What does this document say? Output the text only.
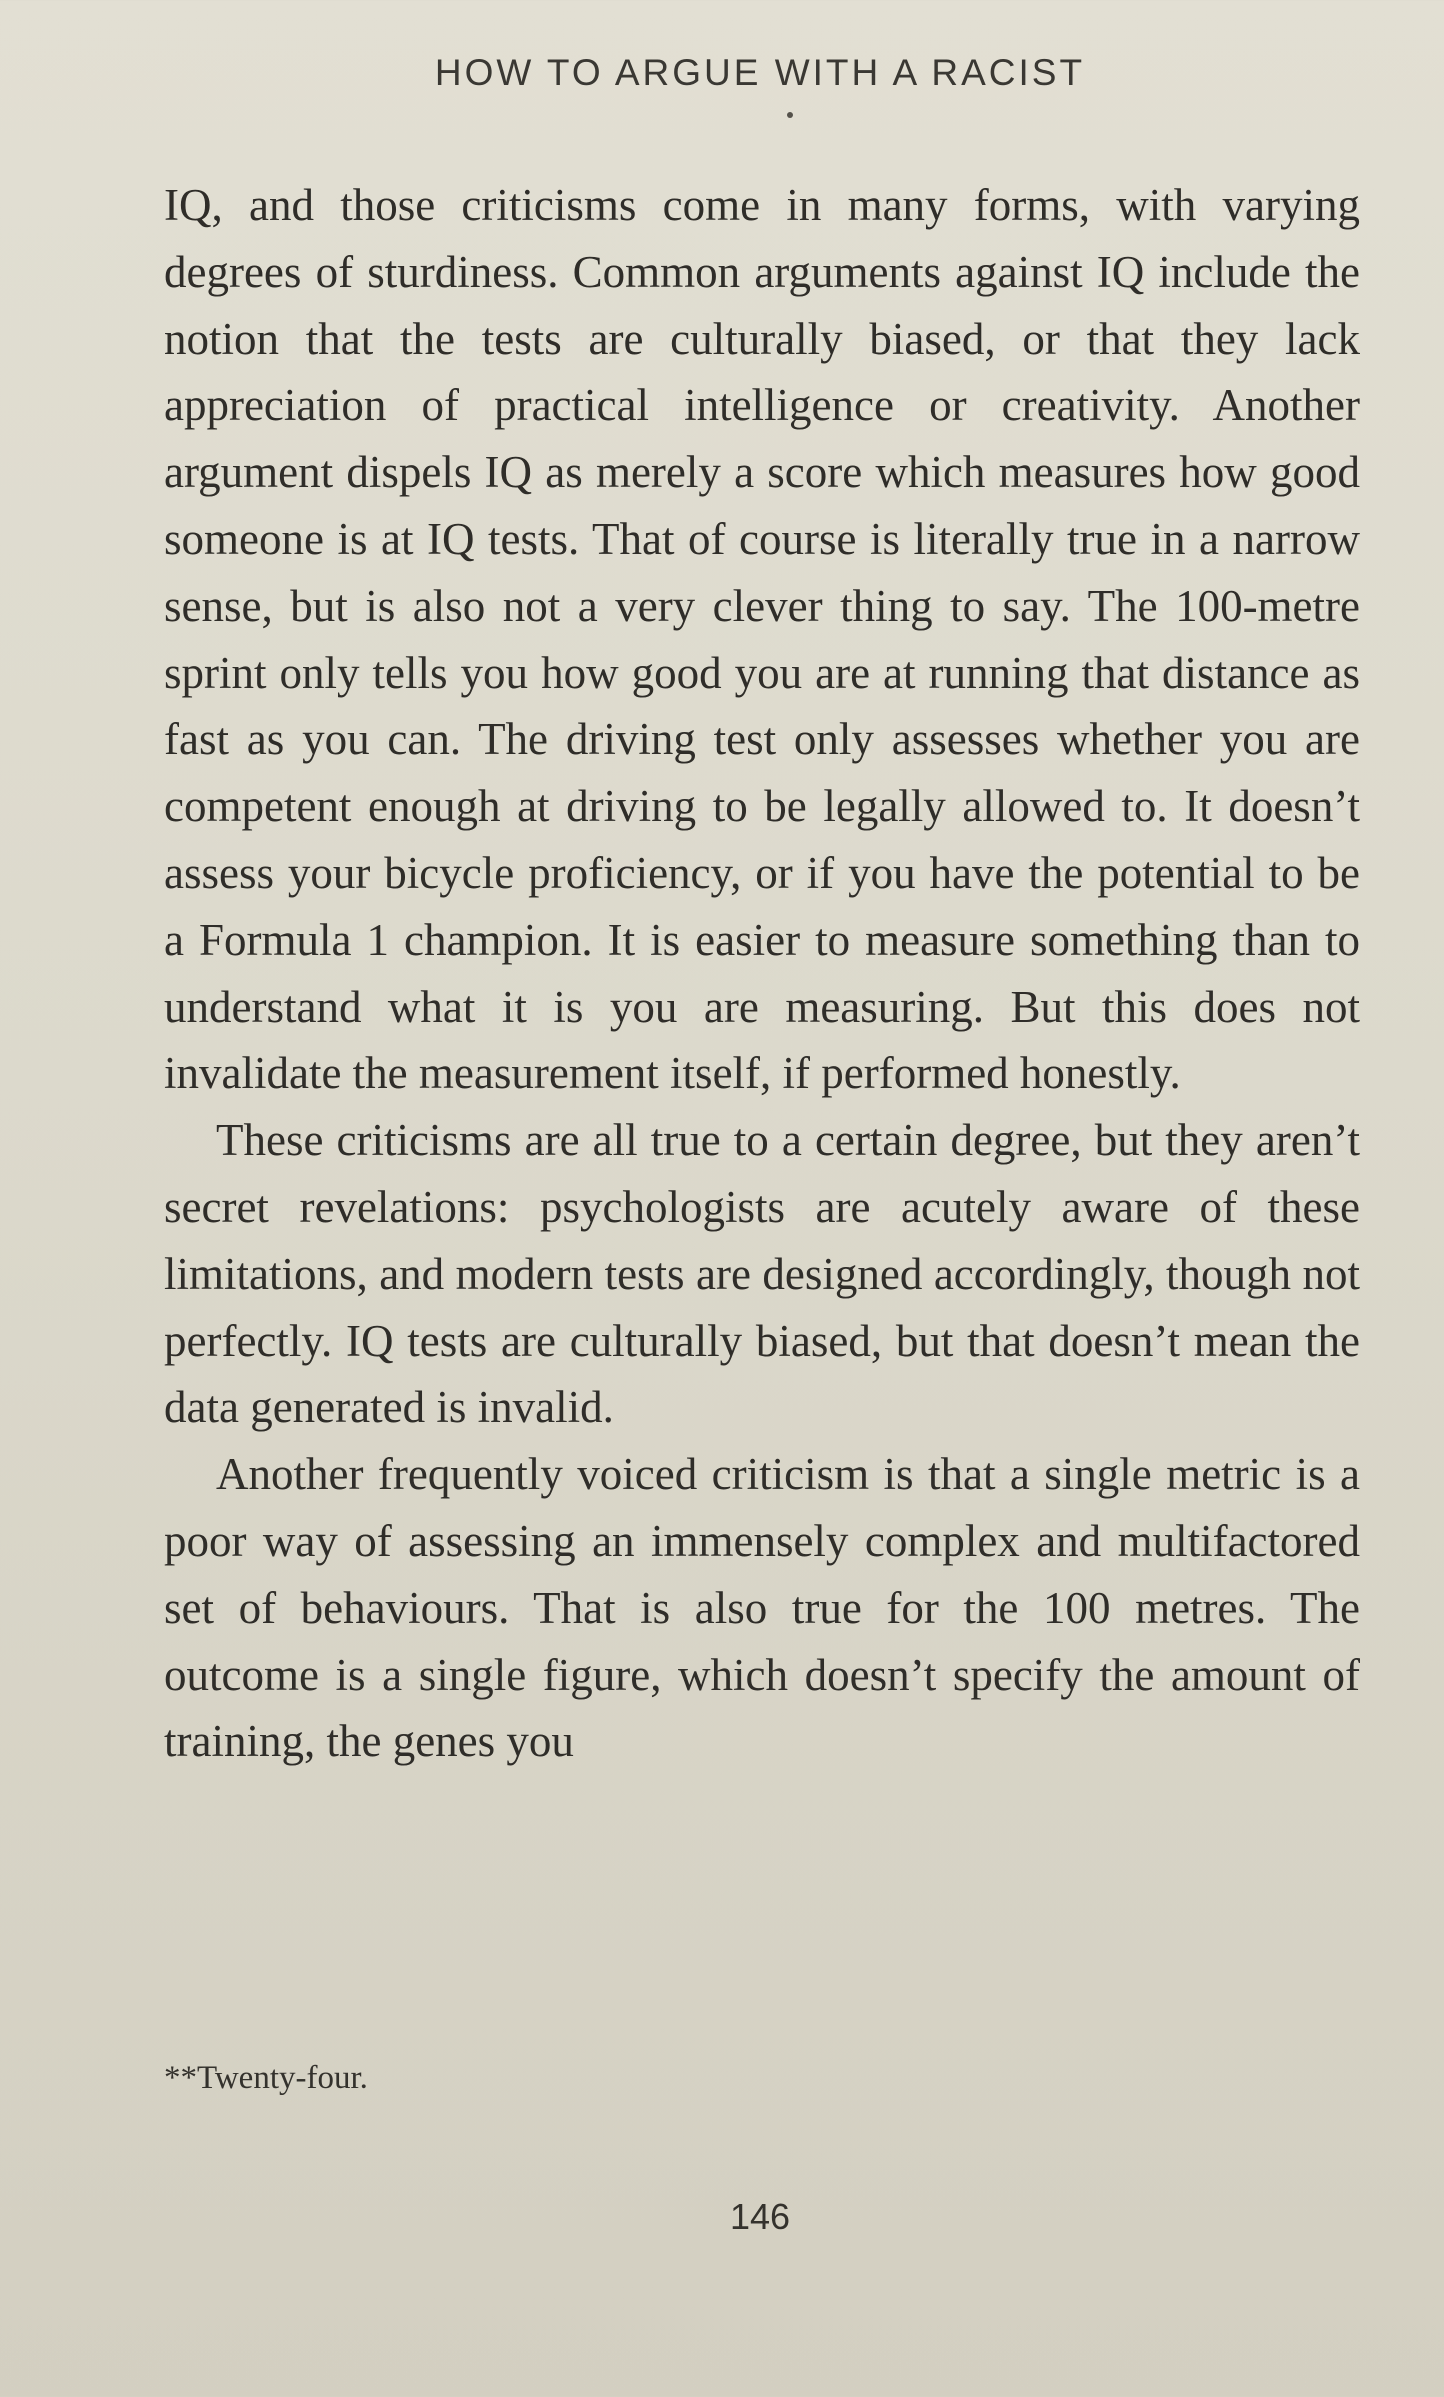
HOW TO ARGUE WITH A RACIST

IQ, and those criticisms come in many forms, with varying degrees of sturdiness. Common arguments against IQ include the notion that the tests are culturally biased, or that they lack appreciation of practical intelligence or creativity. Another argument dispels IQ as merely a score which measures how good someone is at IQ tests. That of course is literally true in a narrow sense, but is also not a very clever thing to say. The 100-metre sprint only tells you how good you are at running that distance as fast as you can. The driving test only assesses whether you are competent enough at driving to be legally allowed to. It doesn’t assess your bicycle proficiency, or if you have the potential to be a Formula 1 champion. It is easier to measure something than to understand what it is you are measuring. But this does not invalidate the measurement itself, if performed honestly.

These criticisms are all true to a certain degree, but they aren’t secret revelations: psychologists are acutely aware of these limitations, and modern tests are designed accordingly, though not perfectly. IQ tests are culturally biased, but that doesn’t mean the data generated is invalid.

Another frequently voiced criticism is that a single metric is a poor way of assessing an immensely complex and multifactored set of behaviours. That is also true for the 100 metres. The outcome is a single figure, which doesn’t specify the amount of training, the genes you

**Twenty-four.
146
